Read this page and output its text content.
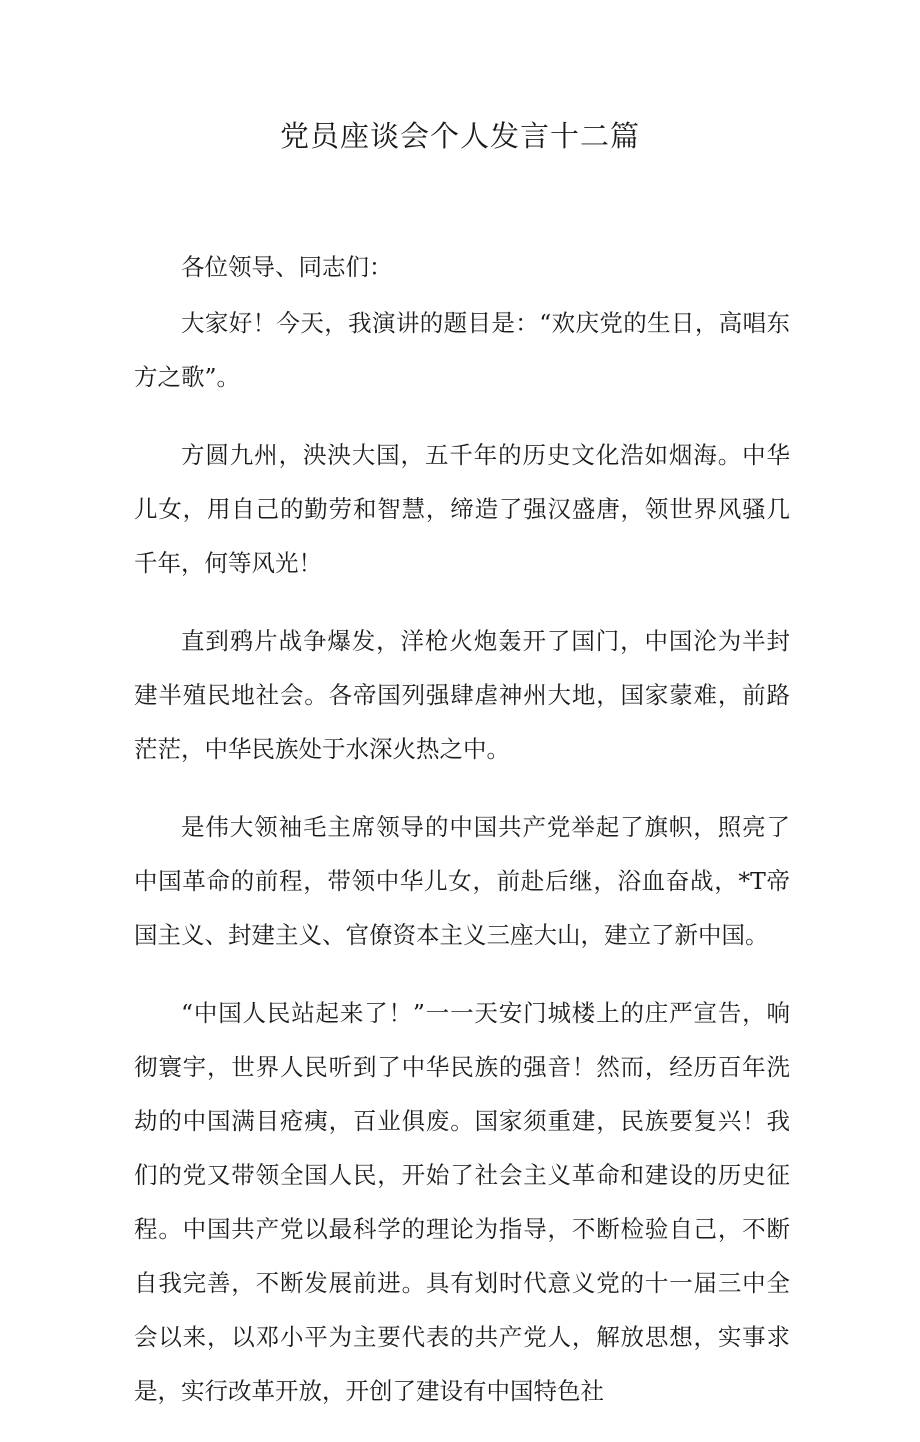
党员座谈会个人发言十二篇

各位领导、同志们：

大家好！今天，我演讲的题目是：“欢庆党的生日，高唱东方之歌”。

方圆九州，泱泱大国，五千年的历史文化浩如烟海。中华儿女，用自己的勤劳和智慧，缔造了强汉盛唐，领世界风骚几千年，何等风光！

直到鸦片战争爆发，洋枪火炮轰开了国门，中国沦为半封建半殖民地社会。各帝国列强肆虐神州大地，国家蒙难，前路茫茫，中华民族处于水深火热之中。

是伟大领袖毛主席领导的中国共产党举起了旗帜，照亮了中国革命的前程，带领中华儿女，前赴后继，浴血奋战，*T帝国主义、封建主义、官僚资本主义三座大山，建立了新中国。

“中国人民站起来了！”一一天安门城楼上的庄严宣告，响彻寰宇，世界人民听到了中华民族的强音！然而，经历百年洗劫的中国满目疮痍，百业俱废。国家须重建，民族要复兴！我们的党又带领全国人民，开始了社会主义革命和建设的历史征程。中国共产党以最科学的理论为指导，不断检验自己，不断自我完善，不断发展前进。具有划时代意义党的十一届三中全会以来，以邓小平为主要代表的共产党人，解放思想，实事求是，实行改革开放，开创了建设有中国特色社
